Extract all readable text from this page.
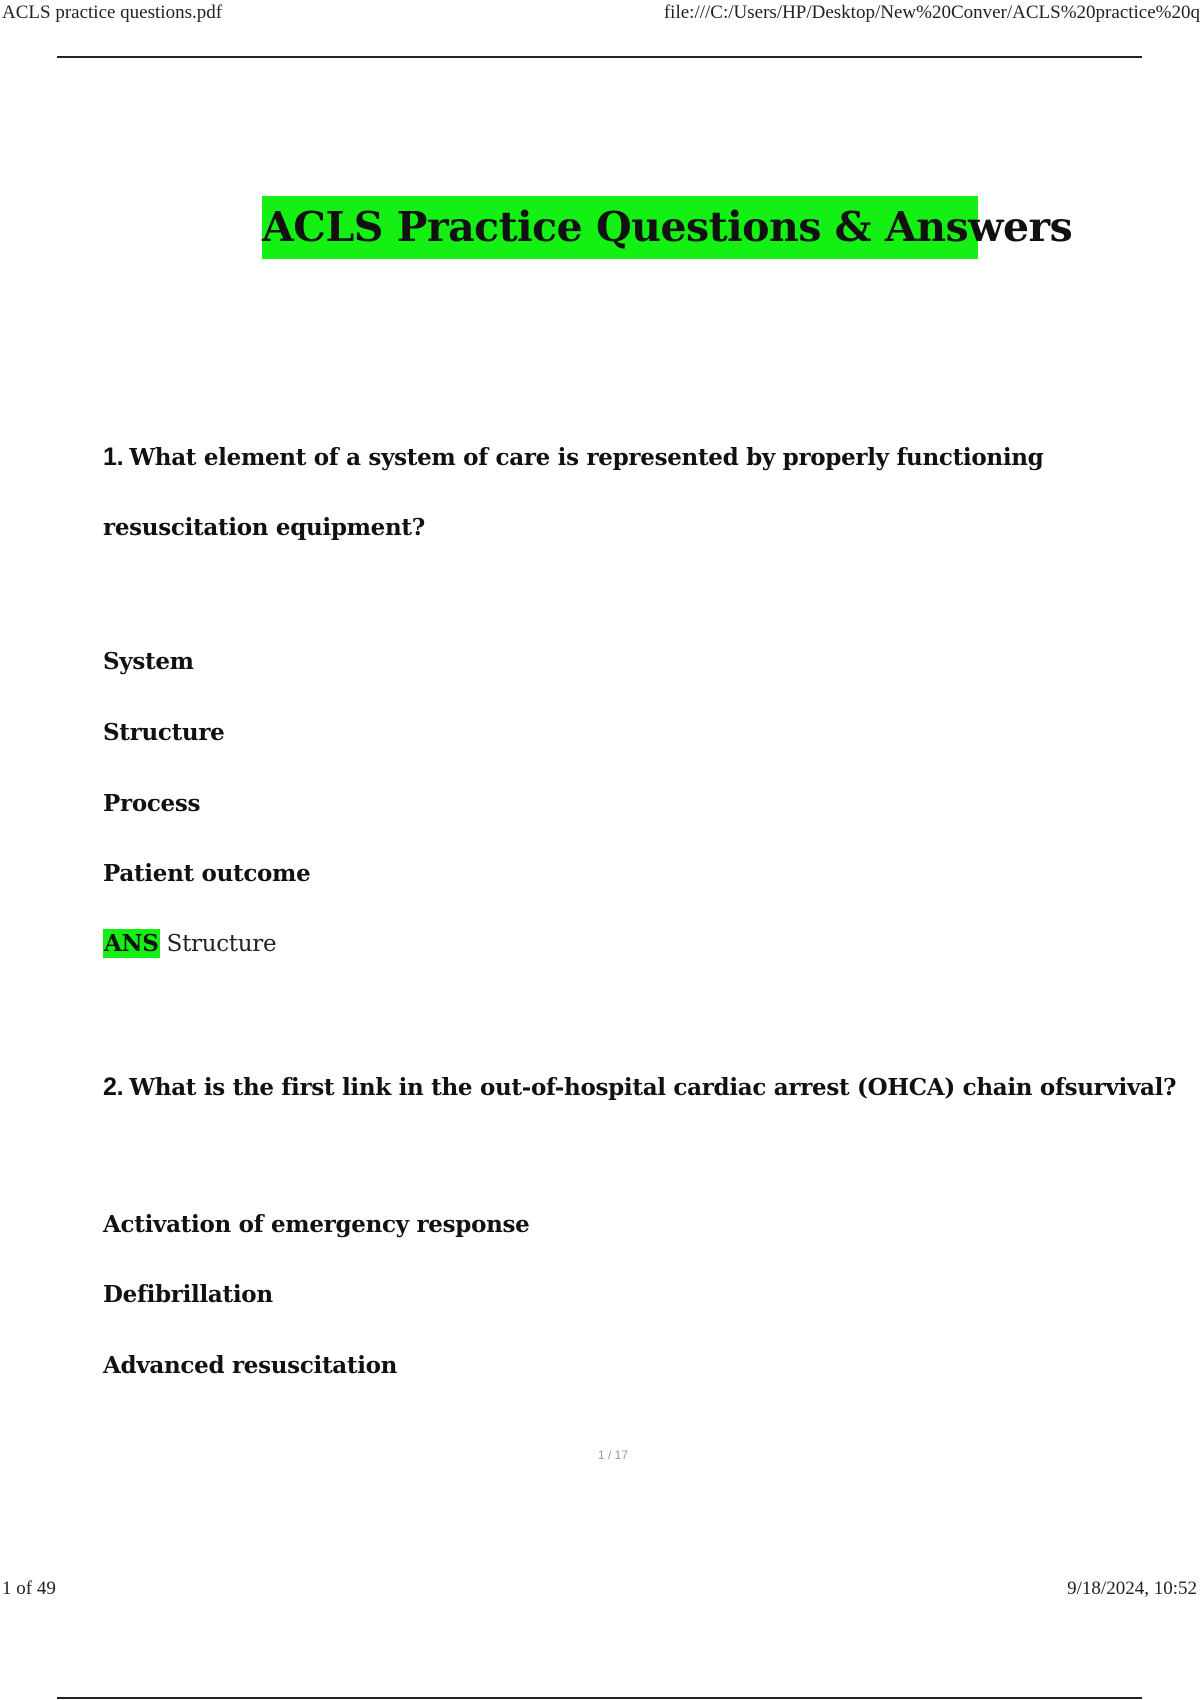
ACLS practice questions.pdf	file:///C:/Users/HP/Desktop/New%20Conver/ACLS%20practice%20q
ACLS Practice Questions & Answers
1. What element of a system of care is represented by properly functioning
resuscitation equipment?
System
Structure
Process
Patient outcome
ANS Structure
2. What is the first link in the out-of-hospital cardiac arrest (OHCA) chain ofsurvival?
Activation of emergency response
Defibrillation
Advanced resuscitation
1 / 17
1 of 49	9/18/2024, 10:52
